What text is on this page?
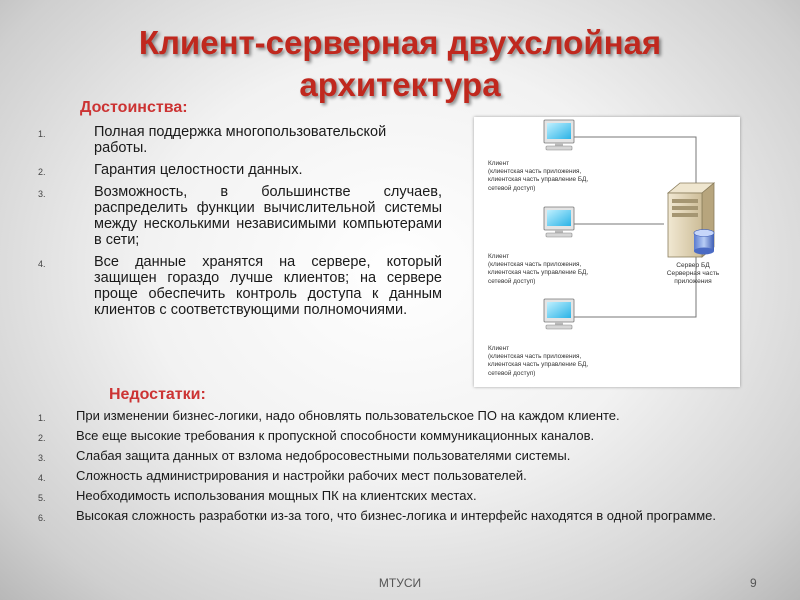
Клиент-серверная двухслойная архитектура
Достоинства:
1.	Полная поддержка многопользовательской работы.
2.	Гарантия целостности данных.
3.	Возможность, в большинстве случаев, распределить функции вычислительной системы между несколькими независимыми компьютерами в сети;
4.	Все данные хранятся на сервере, который защищен гораздо лучше клиентов; на сервере проще обеспечить контроль доступа к данным клиентов с соответствующими полномочиями.
Клиент
(клиентская часть приложения,
клиентская часть управление БД,
сетевой доступ)
Клиент
(клиентская часть приложения,
клиентская часть управление БД,
сетевой доступ)
Клиент
(клиентская часть приложения,
клиентская часть управление БД,
сетевой доступ)
Сервер БД
Серверная часть
приложения
Недостатки:
1. При изменении бизнес-логики, надо обновлять пользовательское ПО на каждом клиенте.
2. Все еще высокие требования к пропускной способности коммуникационных каналов.
3. Слабая защита данных от взлома недобросовестными пользователями системы.
4. Сложность администрирования и настройки рабочих мест пользователей.
5. Необходимость использования мощных ПК на клиентских местах.
6. Высокая сложность разработки из-за того, что бизнес-логика и интерфейс находятся в одной программе.
МТУСИ	9
